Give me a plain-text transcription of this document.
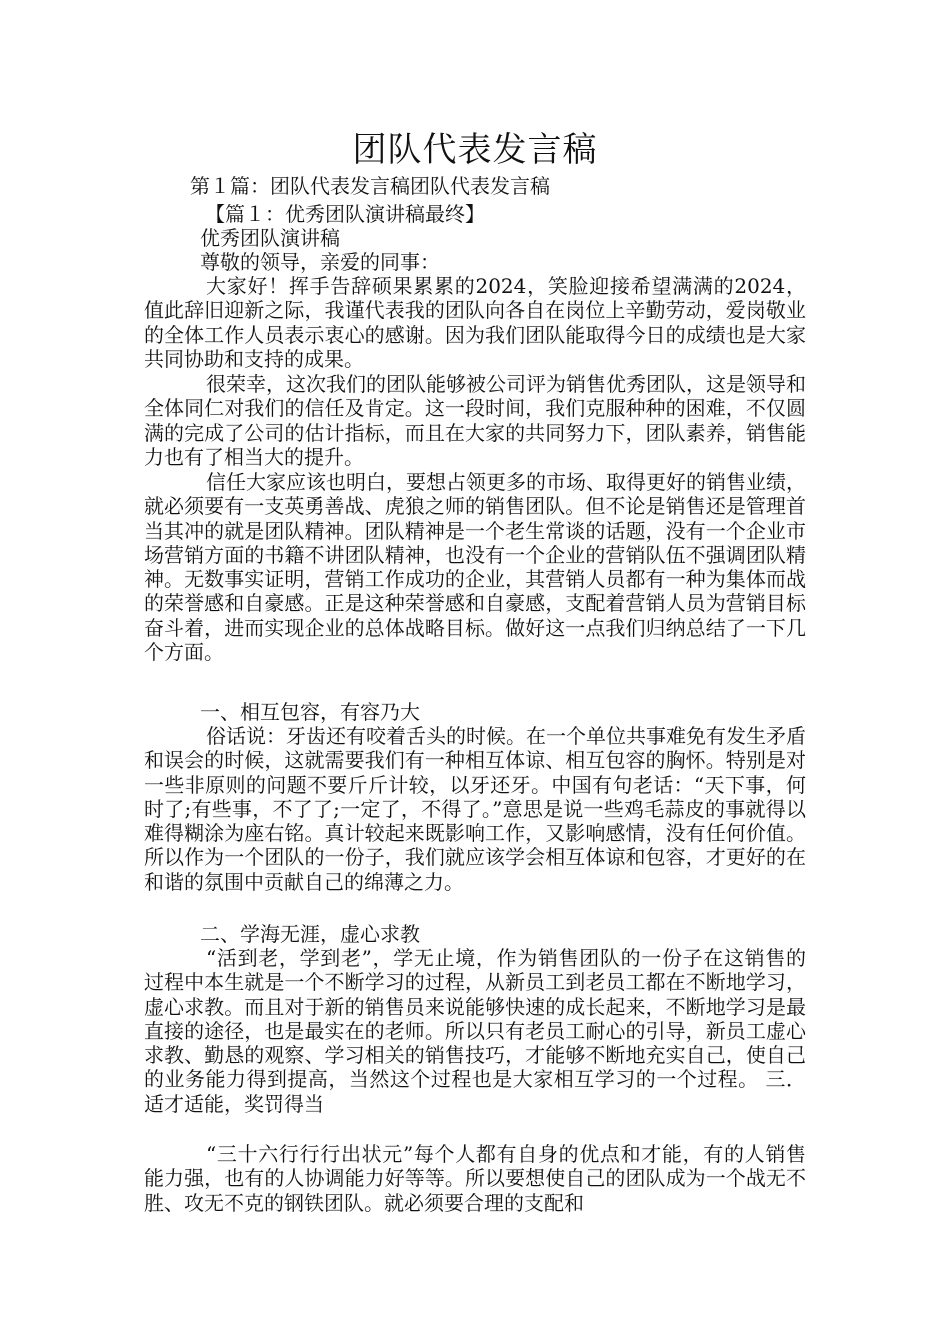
团队代表发言稿
第１篇：团队代表发言稿团队代表发言稿
【篇１：优秀团队演讲稿最终】
优秀团队演讲稿
尊敬的领导，亲爱的同事：

大家好！挥手告辞硕果累累的2024，笑脸迎接希望满满的2024，值此辞旧迎新之际，我谨代表我的团队向各自在岗位上辛勤劳动，爱岗敬业的全体工作人员表示衷心的感谢。因为我们团队能取得今日的成绩也是大家共同协助和支持的成果。

很荣幸，这次我们的团队能够被公司评为销售优秀团队，这是领导和全体同仁对我们的信任及肯定。这一段时间，我们克服种种的困难，不仅圆满的完成了公司的估计指标，而且在大家的共同努力下，团队素养，销售能力也有了相当大的提升。

信任大家应该也明白，要想占领更多的市场、取得更好的销售业绩，就必须要有一支英勇善战、虎狼之师的销售团队。但不论是销售还是管理首当其冲的就是团队精神。团队精神是一个老生常谈的话题，没有一个企业市场营销方面的书籍不讲团队精神，也没有一个企业的营销队伍不强调团队精神。无数事实证明，营销工作成功的企业，其营销人员都有一种为集体而战的荣誉感和自豪感。正是这种荣誉感和自豪感，支配着营销人员为营销目标奋斗着，进而实现企业的总体战略目标。做好这一点我们归纳总结了一下几个方面。

一、相互包容，有容乃大

俗话说：牙齿还有咬着舌头的时候。在一个单位共事难免有发生矛盾和误会的时候，这就需要我们有一种相互体谅、相互包容的胸怀。特别是对一些非原则的问题不要斤斤计较，以牙还牙。中国有句老话：“天下事，何时了;有些事，不了了;一定了，不得了。”意思是说一些鸡毛蒜皮的事就得以难得糊涂为座右铭。真计较起来既影响工作，又影响感情，没有任何价值。所以作为一个团队的一份子，我们就应该学会相互体谅和包容，才更好的在和谐的氛围中贡献自己的绵薄之力。

二、学海无涯，虚心求教

“活到老，学到老”，学无止境，作为销售团队的一份子在这销售的过程中本生就是一个不断学习的过程，从新员工到老员工都在不断地学习，虚心求教。而且对于新的销售员来说能够快速的成长起来，不断地学习是最直接的途径，也是最实在的老师。所以只有老员工耐心的引导，新员工虚心求教、勤恳的观察、学习相关的销售技巧，才能够不断地充实自己，使自己的业务能力得到提高，当然这个过程也是大家相互学习的一个过程。 三．适才适能，奖罚得当

“三十六行行行出状元”每个人都有自身的优点和才能，有的人销售能力强，也有的人协调能力好等等。所以要想使自己的团队成为一个战无不胜、攻无不克的钢铁团队。就必须要合理的支配和
